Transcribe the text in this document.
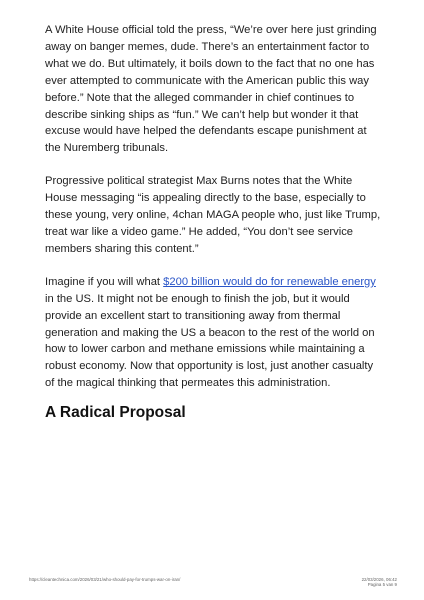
A White House official told the press, “We’re over here just grinding away on banger memes, dude. There’s an entertainment factor to what we do. But ultimately, it boils down to the fact that no one has ever attempted to communicate with the American public this way before.” Note that the alleged commander in chief continues to describe sinking ships as “fun.” We can’t help but wonder it that excuse would have helped the defendants escape punishment at the Nuremberg tribunals.

Progressive political strategist Max Burns notes that the White House messaging “is appealing directly to the base, especially to these young, very online, 4chan MAGA people who, just like Trump, treat war like a video game.” He added, “You don’t see service members sharing this content.”

Imagine if you will what $200 billion would do for renewable energy in the US. It might not be enough to finish the job, but it would provide an excellent start to transitioning away from thermal generation and making the US a beacon to the rest of the world on how to lower carbon and methane emissions while maintaining a robust economy. Now that opportunity is lost, just another casualty of the magical thinking that permeates this administration.

A Radical Proposal
https://cleantechnica.com/2026/03/21/who-should-pay-for-trumps-war-on-iran/	22/03/2026, 06:42
Pagina 5 van 9
